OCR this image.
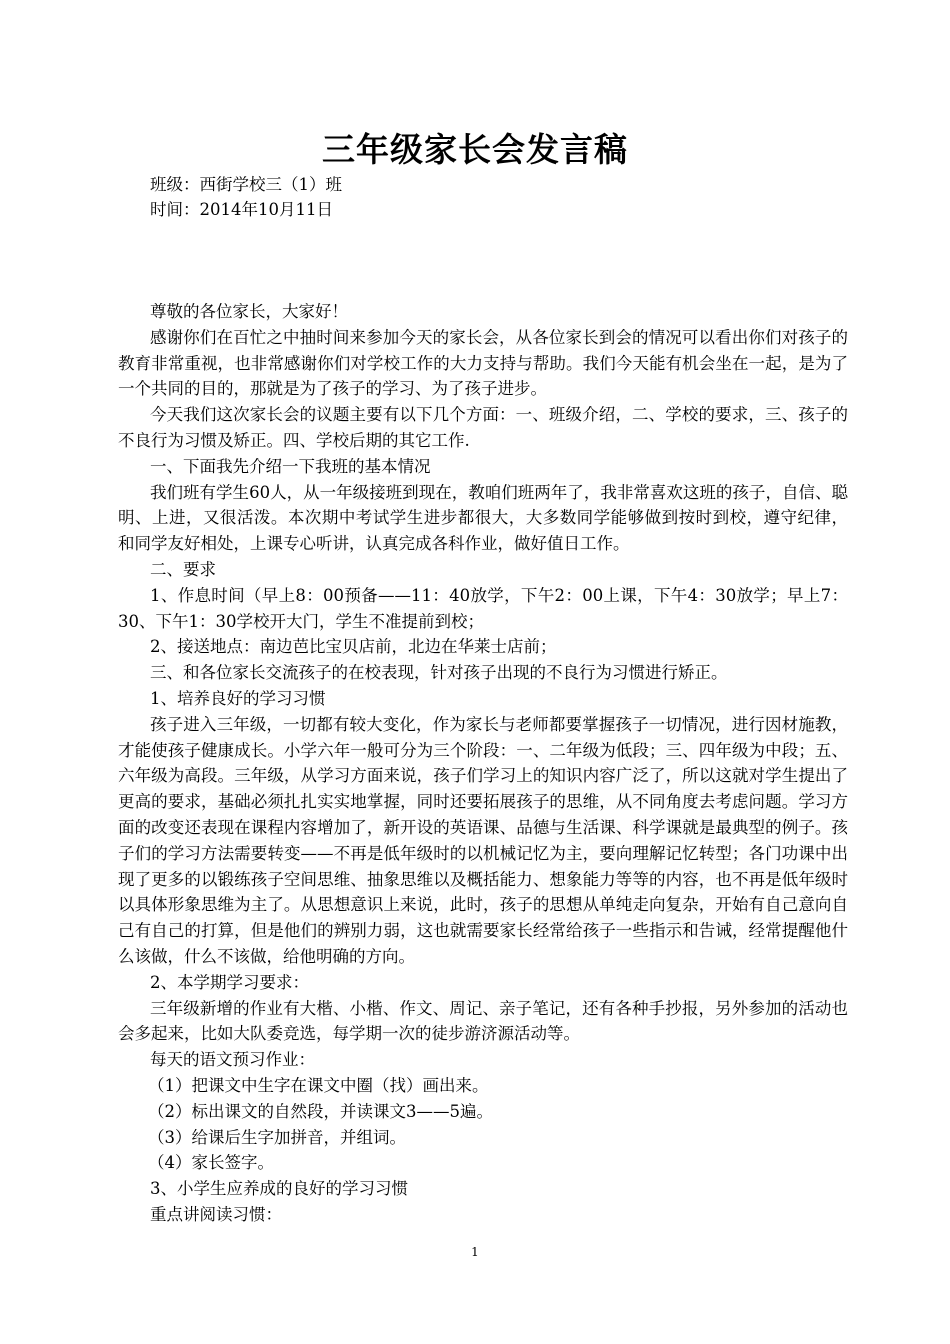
三年级家长会发言稿
班级：西街学校三（1）班
时间：2014年10月11日

尊敬的各位家长，大家好！

感谢你们在百忙之中抽时间来参加今天的家长会，从各位家长到会的情况可以看出你们对孩子的教育非常重视，也非常感谢你们对学校工作的大力支持与帮助。我们今天能有机会坐在一起，是为了一个共同的目的，那就是为了孩子的学习、为了孩子进步。

今天我们这次家长会的议题主要有以下几个方面：一、班级介绍，二、学校的要求，三、孩子的不良行为习惯及矫正。四、学校后期的其它工作.

一、下面我先介绍一下我班的基本情况

我们班有学生60人，从一年级接班到现在，教咱们班两年了，我非常喜欢这班的孩子，自信、聪明、上进，又很活泼。本次期中考试学生进步都很大，大多数同学能够做到按时到校，遵守纪律， 和同学友好相处，上课专心听讲，认真完成各科作业，做好值日工作。

二、要求

1、作息时间（早上8：00预备——11：40放学，下午2：00上课，下午4：30放学；早上7：30、下午1：30学校开大门，学生不准提前到校；

2、接送地点：南边芭比宝贝店前，北边在华莱士店前；

三、和各位家长交流孩子的在校表现，针对孩子出现的不良行为习惯进行矫正。

1、培养良好的学习习惯

孩子进入三年级，一切都有较大变化，作为家长与老师都要掌握孩子一切情况，进行因材施教，才能使孩子健康成长。小学六年一般可分为三个阶段：一、二年级为低段；三、四年级为中段；五、六年级为高段。三年级，从学习方面来说，孩子们学习上的知识内容广泛了，所以这就对学生提出了更高的要求，基础必须扎扎实实地掌握，同时还要拓展孩子的思维，从不同角度去考虑问题。学习方面的改变还表现在课程内容增加了，新开设的英语课、品德与生活课、科学课就是最典型的例子。孩子们的学习方法需要转变——不再是低年级时的以机械记忆为主，要向理解记忆转型；各门功课中出现了更多的以锻练孩子空间思维、抽象思维以及概括能力、想象能力等等的内容，也不再是低年级时以具体形象思维为主了。从思想意识上来说，此时，孩子的思想从单纯走向复杂，开始有自己意向自己有自己的打算，但是他们的辨别力弱，这也就需要家长经常给孩子一些指示和告诫，经常提醒他什么该做，什么不该做，给他明确的方向。

2、本学期学习要求：

三年级新增的作业有大楷、小楷、作文、周记、亲子笔记，还有各种手抄报，另外参加的活动也会多起来，比如大队委竞选，每学期一次的徒步游济源活动等。

每天的语文预习作业：

（1）把课文中生字在课文中圈（找）画出来。

（2）标出课文的自然段，并读课文3——5遍。

（3）给课后生字加拼音，并组词。

（4）家长签字。

3、小学生应养成的良好的学习习惯

重点讲阅读习惯：

1
